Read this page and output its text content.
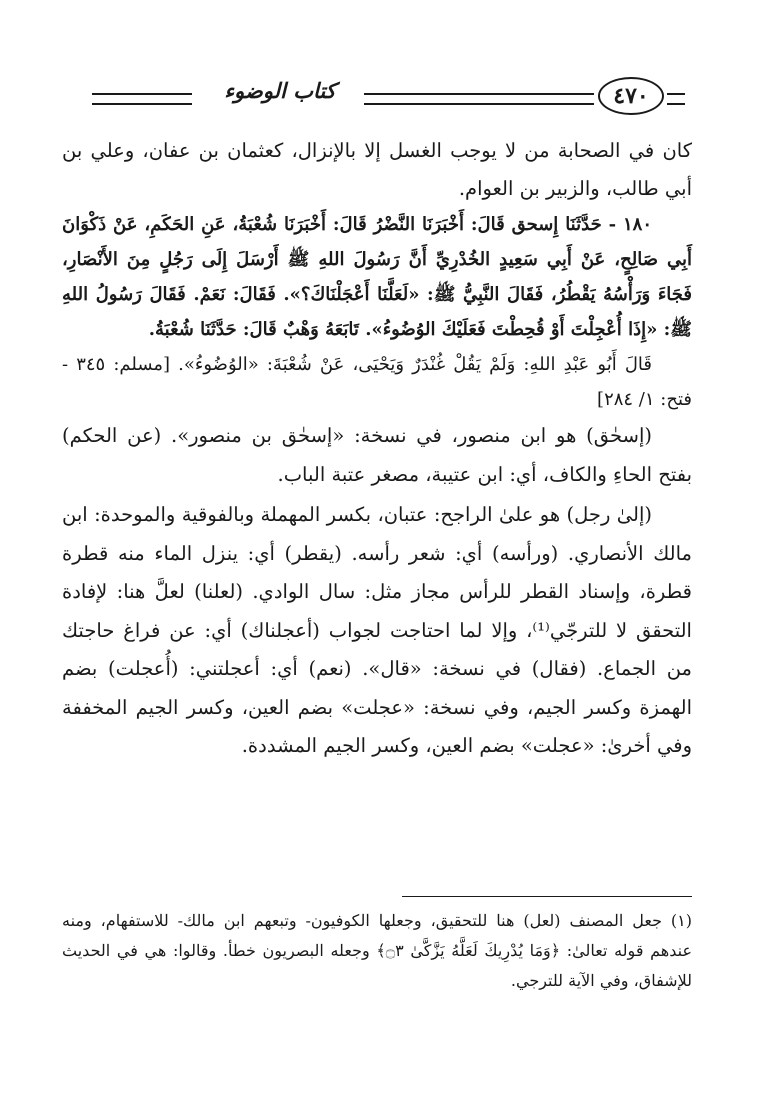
كتاب الوضوء	٤٧٠

كان في الصحابة من لا يوجب الغسل إلا بالإنزال، كعثمان بن عفان، وعلي بن أبي طالب، والزبير بن العوام.

١٨٠ - حَدَّثَنَا إِسحق قَالَ: أَخْبَرَنَا النَّضْرُ قَالَ: أَخْبَرَنَا شُعْبَةُ، عَنِ الحَكَمِ، عَنْ ذَكْوَانَ أَبِي صَالِحٍ، عَنْ أَبِي سَعِيدٍ الخُدْرِيِّ أَنَّ رَسُولَ اللهِ ﷺ أَرْسَلَ إِلَى رَجُلٍ مِنَ الأَنْصَارِ، فَجَاءَ وَرَأْسُهُ يَقْطُرُ، فَقَالَ النَّبِيُّ ﷺ: «لَعَلَّنَا أَعْجَلْنَاكَ؟». فَقَالَ: نَعَمْ. فَقَالَ رَسُولُ اللهِ ﷺ: «إِذَا أُعْجِلْتَ أَوْ قُحِطْتَ فَعَلَيْكَ الوُضُوءُ». تَابَعَهُ وَهْبٌ قَالَ: حَدَّثَنَا شُعْبَةُ.

قَالَ أَبُو عَبْدِ اللهِ: وَلَمْ يَقُلْ غُنْدَرٌ وَيَحْيَى، عَنْ شُعْبَةَ: «الوُضُوءُ». [مسلم: ٣٤٥ - فتح: ١/ ٢٨٤]

(إسحٰق) هو ابن منصور، في نسخة: «إسحٰق بن منصور». (عن الحكم) بفتح الحاءِ والكاف، أي: ابن عتيبة، مصغر عتبة الباب.

(إلىٰ رجل) هو علىٰ الراجح: عتبان، بكسر المهملة وبالفوقية والموحدة: ابن مالك الأنصاري. (ورأسه) أي: شعر رأسه. (يقطر) أي: ينزل الماء منه قطرة قطرة، وإسناد القطر للرأس مجاز مثل: سال الوادي. (لعلنا) لعلَّ هنا: لإفادة التحقق لا للترجّي⁽¹⁾، وإلا لما احتاجت لجواب (أعجلناك) أي: عن فراغ حاجتك من الجماع. (فقال) في نسخة: «قال». (نعم) أي: أعجلتني: (أُعجلت) بضم الهمزة وكسر الجيم، وفي نسخة: «عجلت» بضم العين، وكسر الجيم المخففة وفي أخرىٰ: «عجلت» بضم العين، وكسر الجيم المشددة.

(١) جعل المصنف (لعل) هنا للتحقيق، وجعلها الكوفيون- وتبعهم ابن مالك- للاستفهام، ومنه عندهم قوله تعالىٰ: ﴿وَمَا يُدْرِيكَ لَعَلَّهُ يَزَّكَّىٰ ۝٣﴾ وجعله البصريون خطأ. وقالوا: هي في الحديث للإشفاق، وفي الآية للترجي.
